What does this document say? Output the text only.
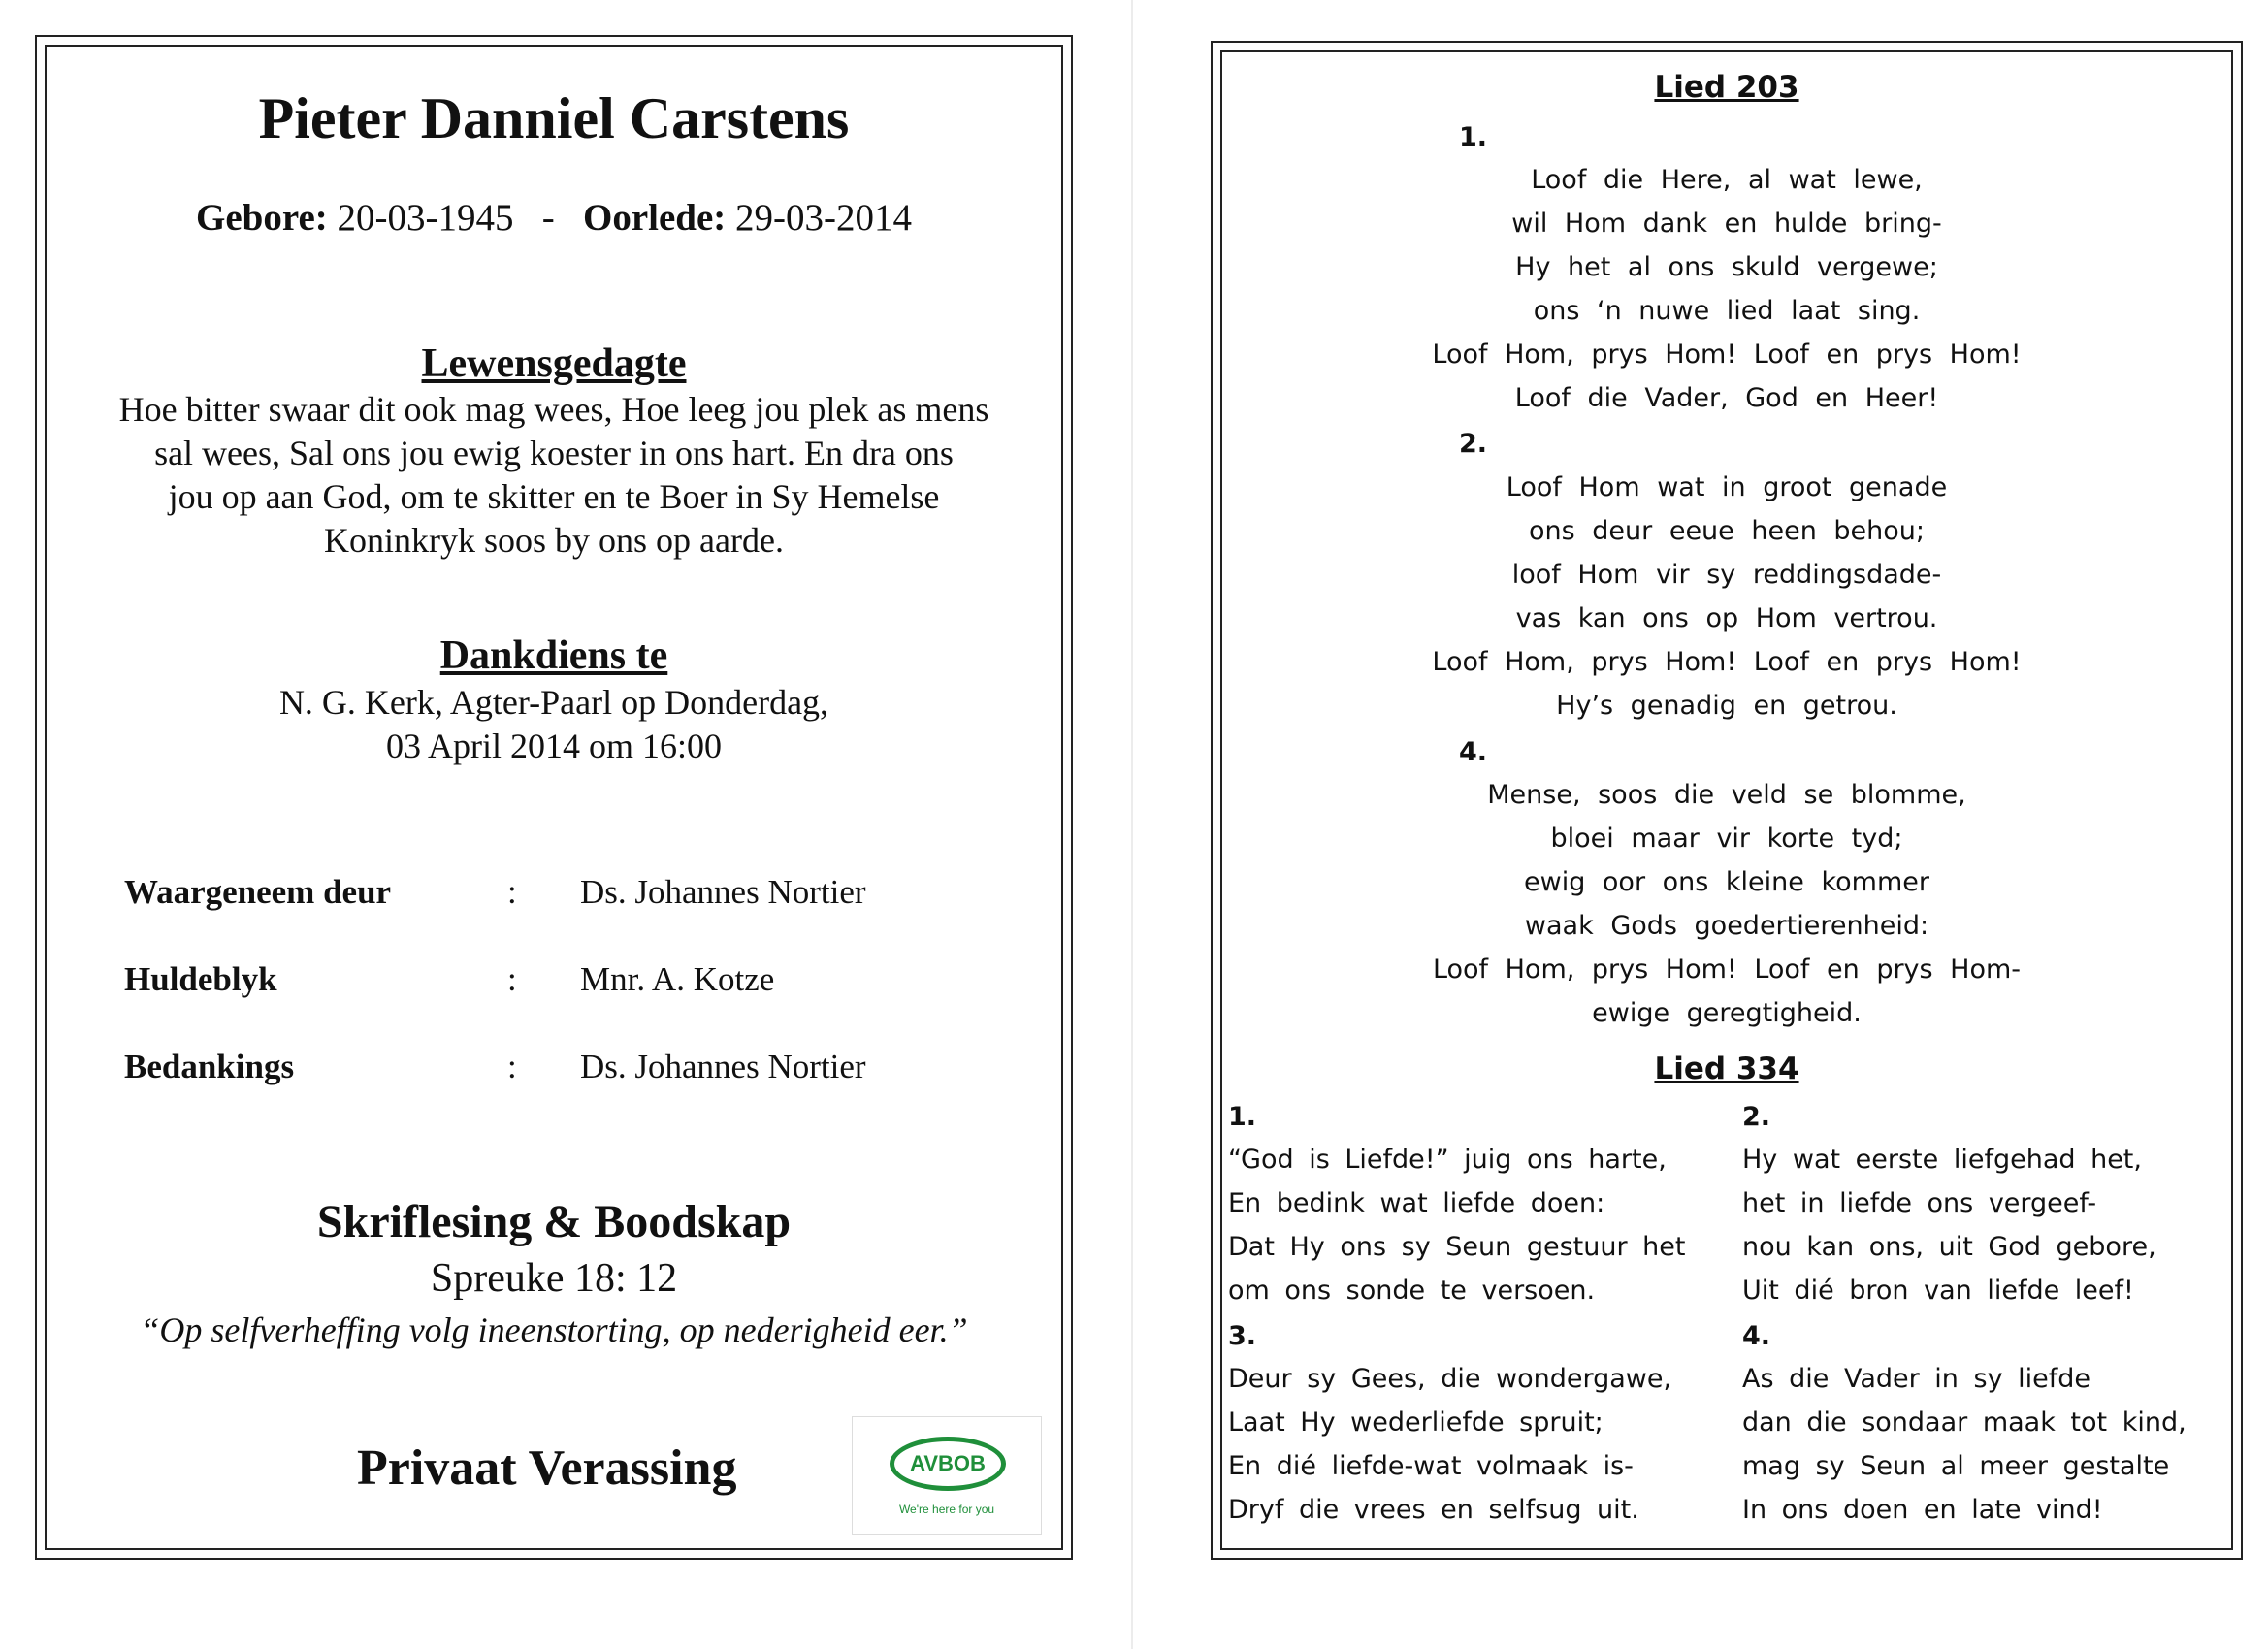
Pieter Danniel Carstens
Gebore: 20-03-1945 - Oorlede: 29-03-2014
Lewensgedagte
Hoe bitter swaar dit ook mag wees, Hoe leeg jou plek as mens
sal wees, Sal ons jou ewig koester in ons hart. En dra ons
jou op aan God, om te skitter en te Boer in Sy Hemelse
Koninkryk soos by ons op aarde.
Dankdiens te
N. G. Kerk, Agter-Paarl op Donderdag,
03 April 2014 om 16:00
Waargeneem deur	: Ds. Johannes Nortier
Huldeblyk	: Mnr. A. Kotze
Bedankings	: Ds. Johannes Nortier
Skriflesing & Boodskap
Spreuke 18: 12
“Op selfverheffing volg ineenstorting, op nederigheid eer.”
Privaat Verassing	AVBOB
We're here for you
Lied 203
1.
Loof die Here, al wat lewe,
wil Hom dank en hulde bring-
Hy het al ons skuld vergewe;
ons ‘n nuwe lied laat sing.
Loof Hom, prys Hom! Loof en prys Hom!
Loof die Vader, God en Heer!
2.
Loof Hom wat in groot genade
ons deur eeue heen behou;
loof Hom vir sy reddingsdade-
vas kan ons op Hom vertrou.
Loof Hom, prys Hom! Loof en prys Hom!
Hy’s genadig en getrou.
4.
Mense, soos die veld se blomme,
bloei maar vir korte tyd;
ewig oor ons kleine kommer
waak Gods goedertierenheid:
Loof Hom, prys Hom! Loof en prys Hom-
ewige geregtigheid.
Lied 334
1.
“God is Liefde!” juig ons harte,
En bedink wat liefde doen:
Dat Hy ons sy Seun gestuur het
om ons sonde te versoen.
3.
Deur sy Gees, die wondergawe,
Laat Hy wederliefde spruit;
En dié liefde-wat volmaak is-
Dryf die vrees en selfsug uit.
2.
Hy wat eerste liefgehad het,
het in liefde ons vergeef-
nou kan ons, uit God gebore,
Uit dié bron van liefde leef!
4.
As die Vader in sy liefde
dan die sondaar maak tot kind,
mag sy Seun al meer gestalte
In ons doen en late vind!
